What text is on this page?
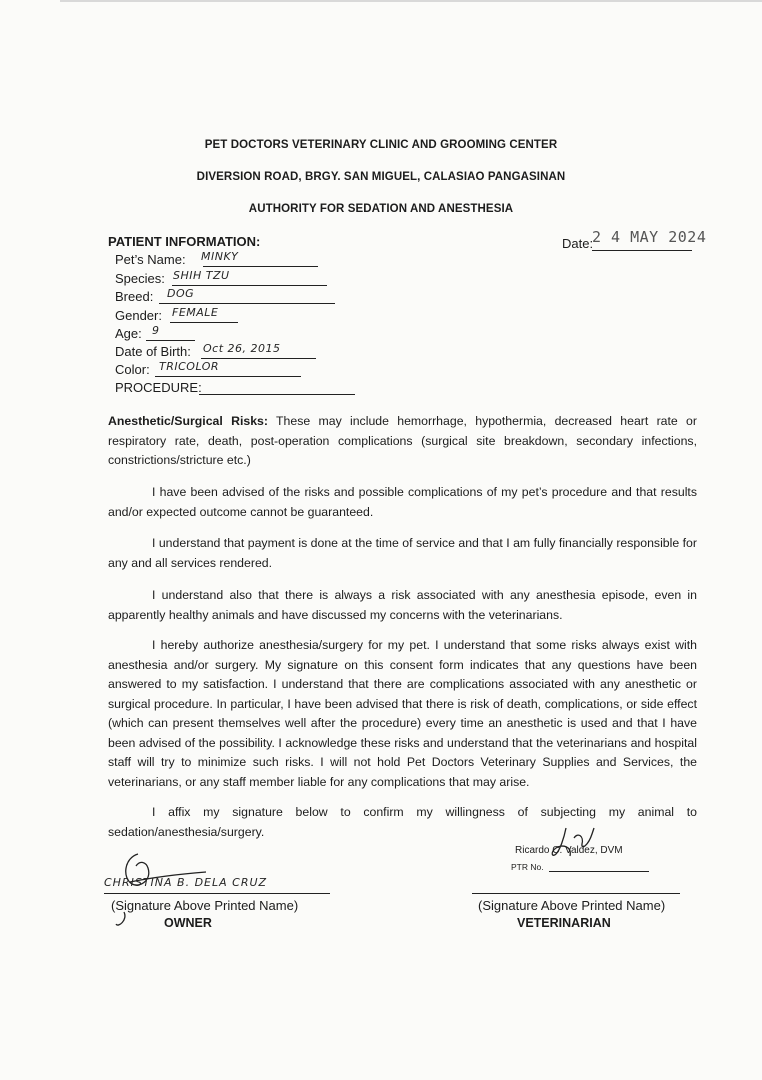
PET DOCTORS VETERINARY CLINIC AND GROOMING CENTER
DIVERSION ROAD, BRGY. SAN MIGUEL, CALASIAO PANGASINAN
AUTHORITY FOR SEDATION AND ANESTHESIA
PATIENT INFORMATION:	Date:
2 4 MAY 2024
Pet’s Name: MINKY
Species: SHIH TZU
Breed: DOG
Gender: FEMALE
Age: 9
Date of Birth: Oct 26, 2015
Color: TRICOLOR
PROCEDURE:
Anesthetic/Surgical Risks: These may include hemorrhage, hypothermia, decreased heart rate or respiratory rate, death, post-operation complications (surgical site breakdown, secondary infections, constrictions/stricture etc.)
I have been advised of the risks and possible complications of my pet’s procedure and that results and/or expected outcome cannot be guaranteed.
I understand that payment is done at the time of service and that I am fully financially responsible for any and all services rendered.
I understand also that there is always a risk associated with any anesthesia episode, even in apparently healthy animals and have discussed my concerns with the veterinarians.
I hereby authorize anesthesia/surgery for my pet. I understand that some risks always exist with anesthesia and/or surgery. My signature on this consent form indicates that any questions have been answered to my satisfaction. I understand that there are complications associated with any anesthetic or surgical procedure. In particular, I have been advised that there is risk of death, complications, or side effect (which can present themselves well after the procedure) every time an anesthetic is used and that I have been advised of the possibility. I acknowledge these risks and understand that the veterinarians and hospital staff will try to minimize such risks. I will not hold Pet Doctors Veterinary Supplies and Services, the veterinarians, or any staff member liable for any complications that may arise.
I affix my signature below to confirm my willingness of subjecting my animal to sedation/anesthesia/surgery.
Ricardo C. Valdez, DVM
PTR No.
(Signature Above Printed Name)
VETERINARIAN
CHRISTINA B. DELA CRUZ
(Signature Above Printed Name)
OWNER
